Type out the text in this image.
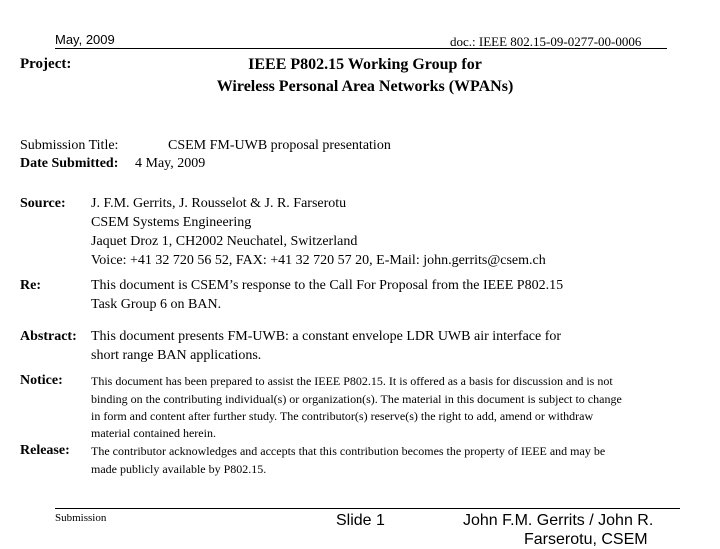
May, 2009	doc.: IEEE 802.15-09-0277-00-0006
Project:	IEEE P802.15 Working Group for
Wireless Personal Area Networks (WPANs)
Submission Title:	CSEM FM-UWB proposal presentation
Date Submitted: 4 May, 2009
Source: J. F.M. Gerrits, J. Rousselot & J. R. Farserotu
CSEM Systems Engineering
Jaquet Droz 1, CH2002 Neuchatel, Switzerland
Voice: +41 32 720 56 52, FAX: +41 32 720 57 20, E-Mail: john.gerrits@csem.ch
Re:	This document is CSEM’s response to the Call For Proposal from the IEEE P802.15
Task Group 6 on BAN.
Abstract: This document presents FM-UWB: a constant envelope LDR UWB air interface for
short range BAN applications.
Notice: This document has been prepared to assist the IEEE P802.15. It is offered as a basis for discussion and is not
binding on the contributing individual(s) or organization(s). The material in this document is subject to change
in form and content after further study. The contributor(s) reserve(s) the right to add, amend or withdraw
material contained herein.
Release: The contributor acknowledges and accepts that this contribution becomes the property of IEEE and may be
made publicly available by P802.15.
Submission	Slide 1	John F.M. Gerrits / John R.
Farserotu, CSEM
